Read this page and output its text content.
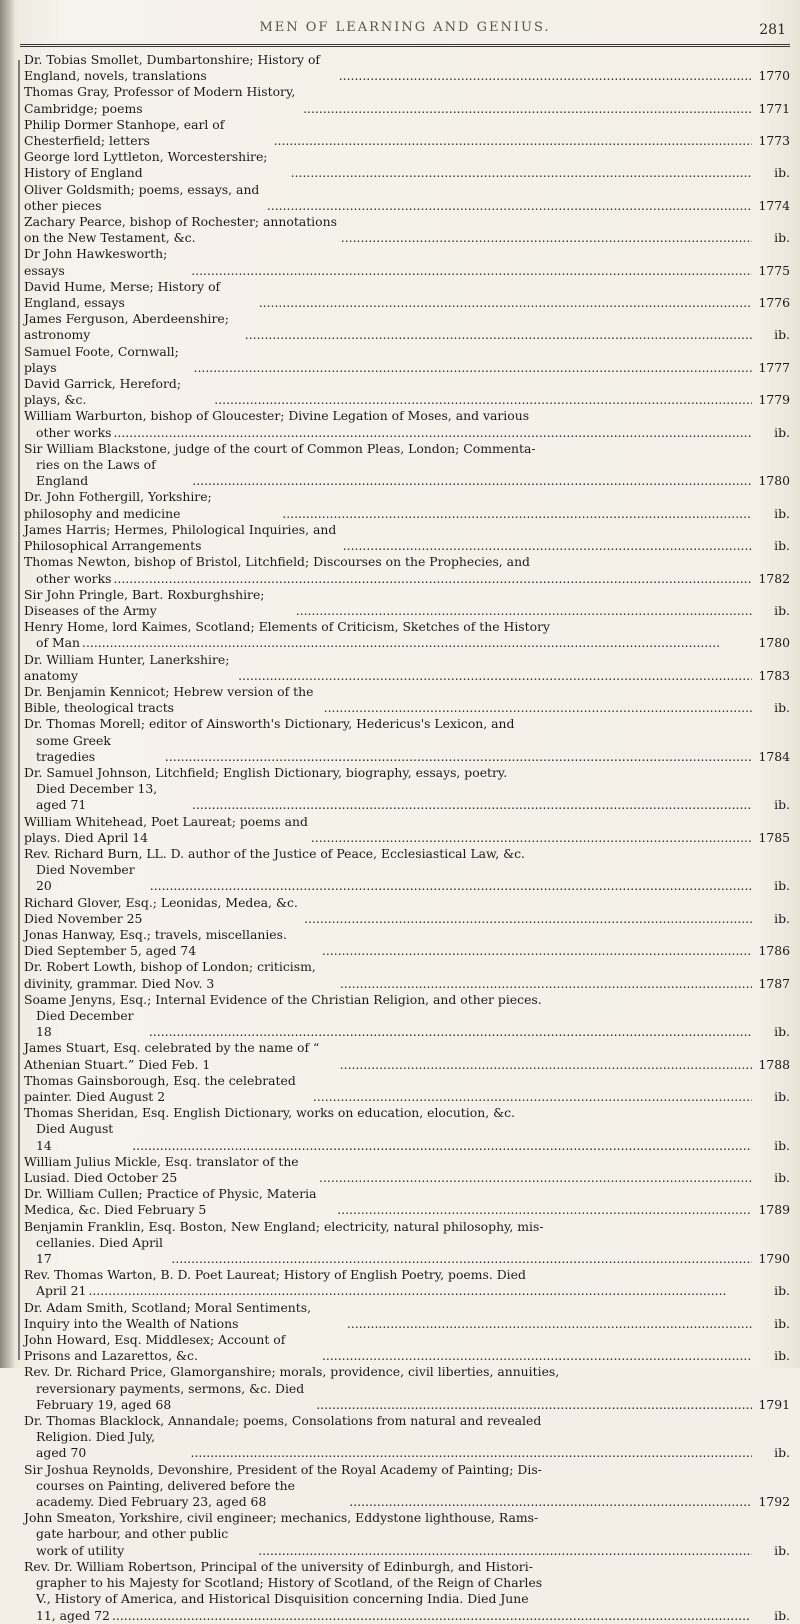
MEN OF LEARNING AND GENIUS.	281
Dr. Tobias Smollet, Dumbartonshire; History of England, novels, translations .....	1770
Thomas Gray, Professor of Modern History, Cambridge; poems .....	1771
Philip Dormer Stanhope, earl of Chesterfield; letters .....	1773
George lord Lyttleton, Worcestershire; History of England .....	ib.
Oliver Goldsmith; poems, essays, and other pieces .....	1774
Zachary Pearce, bishop of Rochester; annotations on the New Testament, &c. .....	ib.
Dr John Hawkesworth; essays .....	1775
David Hume, Merse; History of England, essays .....	1776
James Ferguson, Aberdeenshire; astronomy .....	ib.
Samuel Foote, Cornwall; plays .....	1777
David Garrick, Hereford; plays, &c. .....	1779
William Warburton, bishop of Gloucester; Divine Legation of Moses, and various
other works .....	ib.
Sir William Blackstone, judge of the court of Common Pleas, London; Commenta-
ries on the Laws of England .....	1780
Dr. John Fothergill, Yorkshire; philosophy and medicine .....	ib.
James Harris; Hermes, Philological Inquiries, and Philosophical Arrangements .....	ib.
Thomas Newton, bishop of Bristol, Litchfield; Discourses on the Prophecies, and
other works .....	1782
Sir John Pringle, Bart. Roxburghshire; Diseases of the Army .....	ib.
Henry Home, lord Kaimes, Scotland; Elements of Criticism, Sketches of the History
of Man .....	1780
Dr. William Hunter, Lanerkshire; anatomy .....	1783
Dr. Benjamin Kennicot; Hebrew version of the Bible, theological tracts .....	ib.
Dr. Thomas Morell; editor of Ainsworth's Dictionary, Hedericus's Lexicon, and
some Greek tragedies .....	1784
Dr. Samuel Johnson, Litchfield; English Dictionary, biography, essays, poetry.
Died December 13, aged 71 .....	ib.
William Whitehead, Poet Laureat; poems and plays. Died April 14 .....	1785
Rev. Richard Burn, LL. D. author of the Justice of Peace, Ecclesiastical Law, &c.
Died November 20 .....	ib.
Richard Glover, Esq.; Leonidas, Medea, &c. Died November 25 .....	ib.
Jonas Hanway, Esq.; travels, miscellanies. Died September 5, aged 74 .....	1786
Dr. Robert Lowth, bishop of London; criticism, divinity, grammar. Died Nov. 3 .....	1787
Soame Jenyns, Esq.; Internal Evidence of the Christian Religion, and other pieces.
Died December 18 .....	ib.
James Stuart, Esq. celebrated by the name of “ Athenian Stuart.” Died Feb. 1 .....	1788
Thomas Gainsborough, Esq. the celebrated painter. Died August 2 .....	ib.
Thomas Sheridan, Esq. English Dictionary, works on education, elocution, &c.
Died August 14 .....	ib.
William Julius Mickle, Esq. translator of the Lusiad. Died October 25 .....	ib.
Dr. William Cullen; Practice of Physic, Materia Medica, &c. Died February 5 .....	1789
Benjamin Franklin, Esq. Boston, New England; electricity, natural philosophy, mis-
cellanies. Died April 17 .....	1790
Rev. Thomas Warton, B. D. Poet Laureat; History of English Poetry, poems. Died
April 21 .....	ib.
Dr. Adam Smith, Scotland; Moral Sentiments, Inquiry into the Wealth of Nations .....	ib.
John Howard, Esq. Middlesex; Account of Prisons and Lazarettos, &c. .....	ib.
Rev. Dr. Richard Price, Glamorganshire; morals, providence, civil liberties, annuities,
reversionary payments, sermons, &c. Died February 19, aged 68 .....	1791
Dr. Thomas Blacklock, Annandale; poems, Consolations from natural and revealed
Religion. Died July, aged 70 .....	ib.
Sir Joshua Reynolds, Devonshire, President of the Royal Academy of Painting; Dis-
courses on Painting, delivered before the academy. Died February 23, aged 68 .....	1792
John Smeaton, Yorkshire, civil engineer; mechanics, Eddystone lighthouse, Rams-
gate harbour, and other public work of utility .....	ib.
Rev. Dr. William Robertson, Principal of the university of Edinburgh, and Histori-
grapher to his Majesty for Scotland; History of Scotland, of the Reign of Charles
V., History of America, and Historical Disquisition concerning India. Died June
11, aged 72 .....	ib.
